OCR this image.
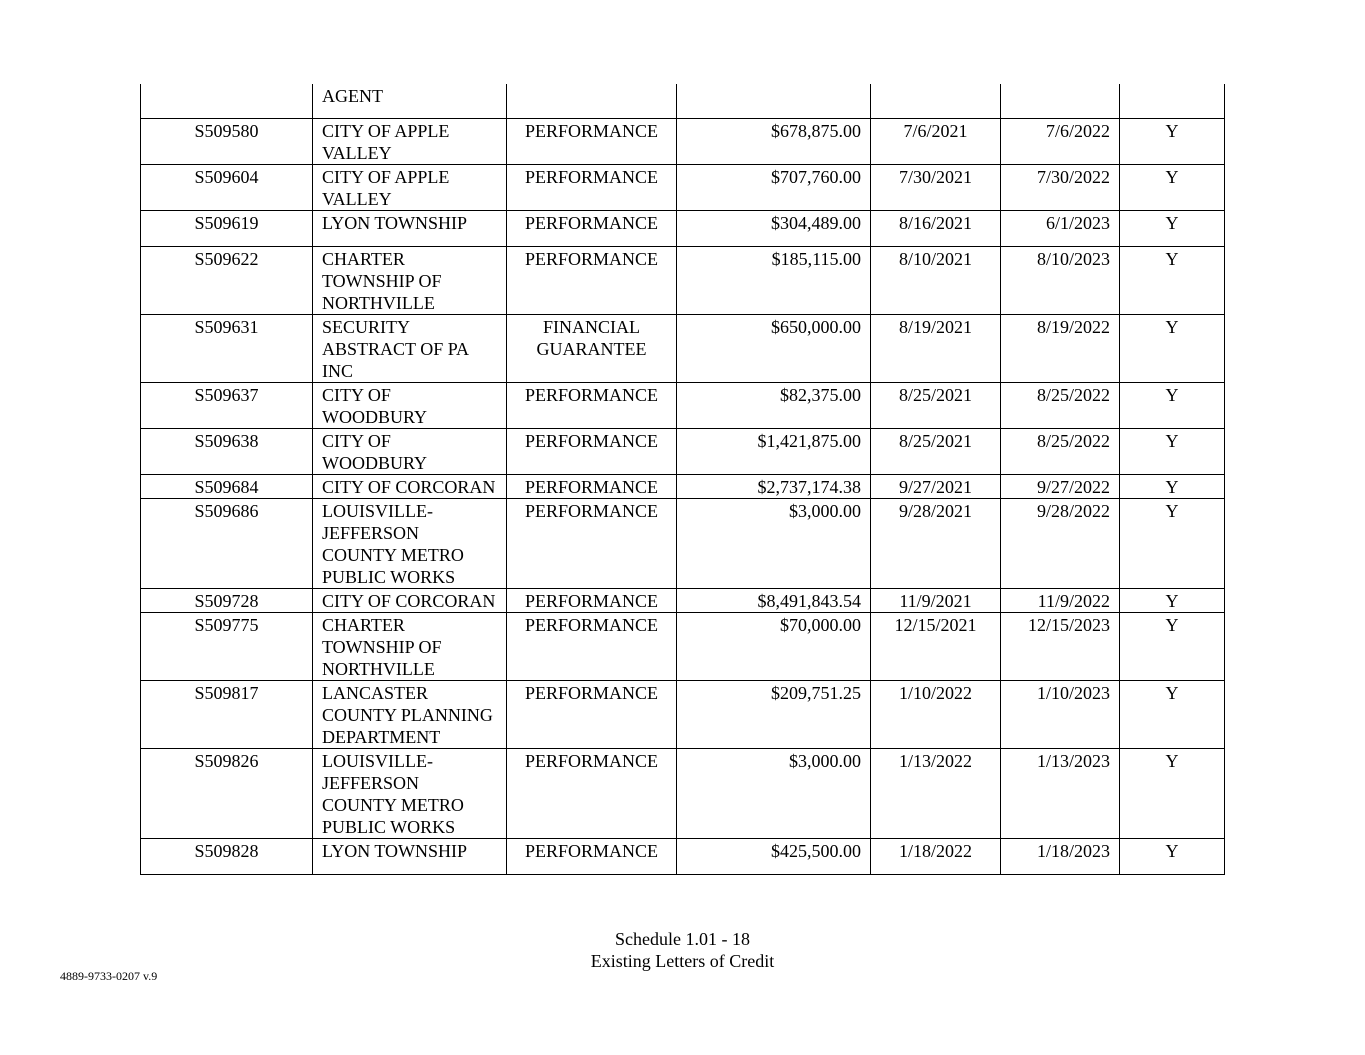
	AGENT					
S509580	CITY OF APPLE VALLEY	PERFORMANCE	$678,875.00	7/6/2021	7/6/2022	Y
S509604	CITY OF APPLE VALLEY	PERFORMANCE	$707,760.00	7/30/2021	7/30/2022	Y
S509619	LYON TOWNSHIP	PERFORMANCE	$304,489.00	8/16/2021	6/1/2023	Y
S509622	CHARTER TOWNSHIP OF NORTHVILLE	PERFORMANCE	$185,115.00	8/10/2021	8/10/2023	Y
S509631	SECURITY ABSTRACT OF PA INC	FINANCIAL GUARANTEE	$650,000.00	8/19/2021	8/19/2022	Y
S509637	CITY OF WOODBURY	PERFORMANCE	$82,375.00	8/25/2021	8/25/2022	Y
S509638	CITY OF WOODBURY	PERFORMANCE	$1,421,875.00	8/25/2021	8/25/2022	Y
S509684	CITY OF CORCORAN	PERFORMANCE	$2,737,174.38	9/27/2021	9/27/2022	Y
S509686	LOUISVILLE- JEFFERSON COUNTY METRO PUBLIC WORKS	PERFORMANCE	$3,000.00	9/28/2021	9/28/2022	Y
S509728	CITY OF CORCORAN	PERFORMANCE	$8,491,843.54	11/9/2021	11/9/2022	Y
S509775	CHARTER TOWNSHIP OF NORTHVILLE	PERFORMANCE	$70,000.00	12/15/2021	12/15/2023	Y
S509817	LANCASTER COUNTY PLANNING DEPARTMENT	PERFORMANCE	$209,751.25	1/10/2022	1/10/2023	Y
S509826	LOUISVILLE- JEFFERSON COUNTY METRO PUBLIC WORKS	PERFORMANCE	$3,000.00	1/13/2022	1/13/2023	Y
S509828	LYON TOWNSHIP	PERFORMANCE	$425,500.00	1/18/2022	1/18/2023	Y
Schedule 1.01 - 18
Existing Letters of Credit
4889-9733-0207 v.9
